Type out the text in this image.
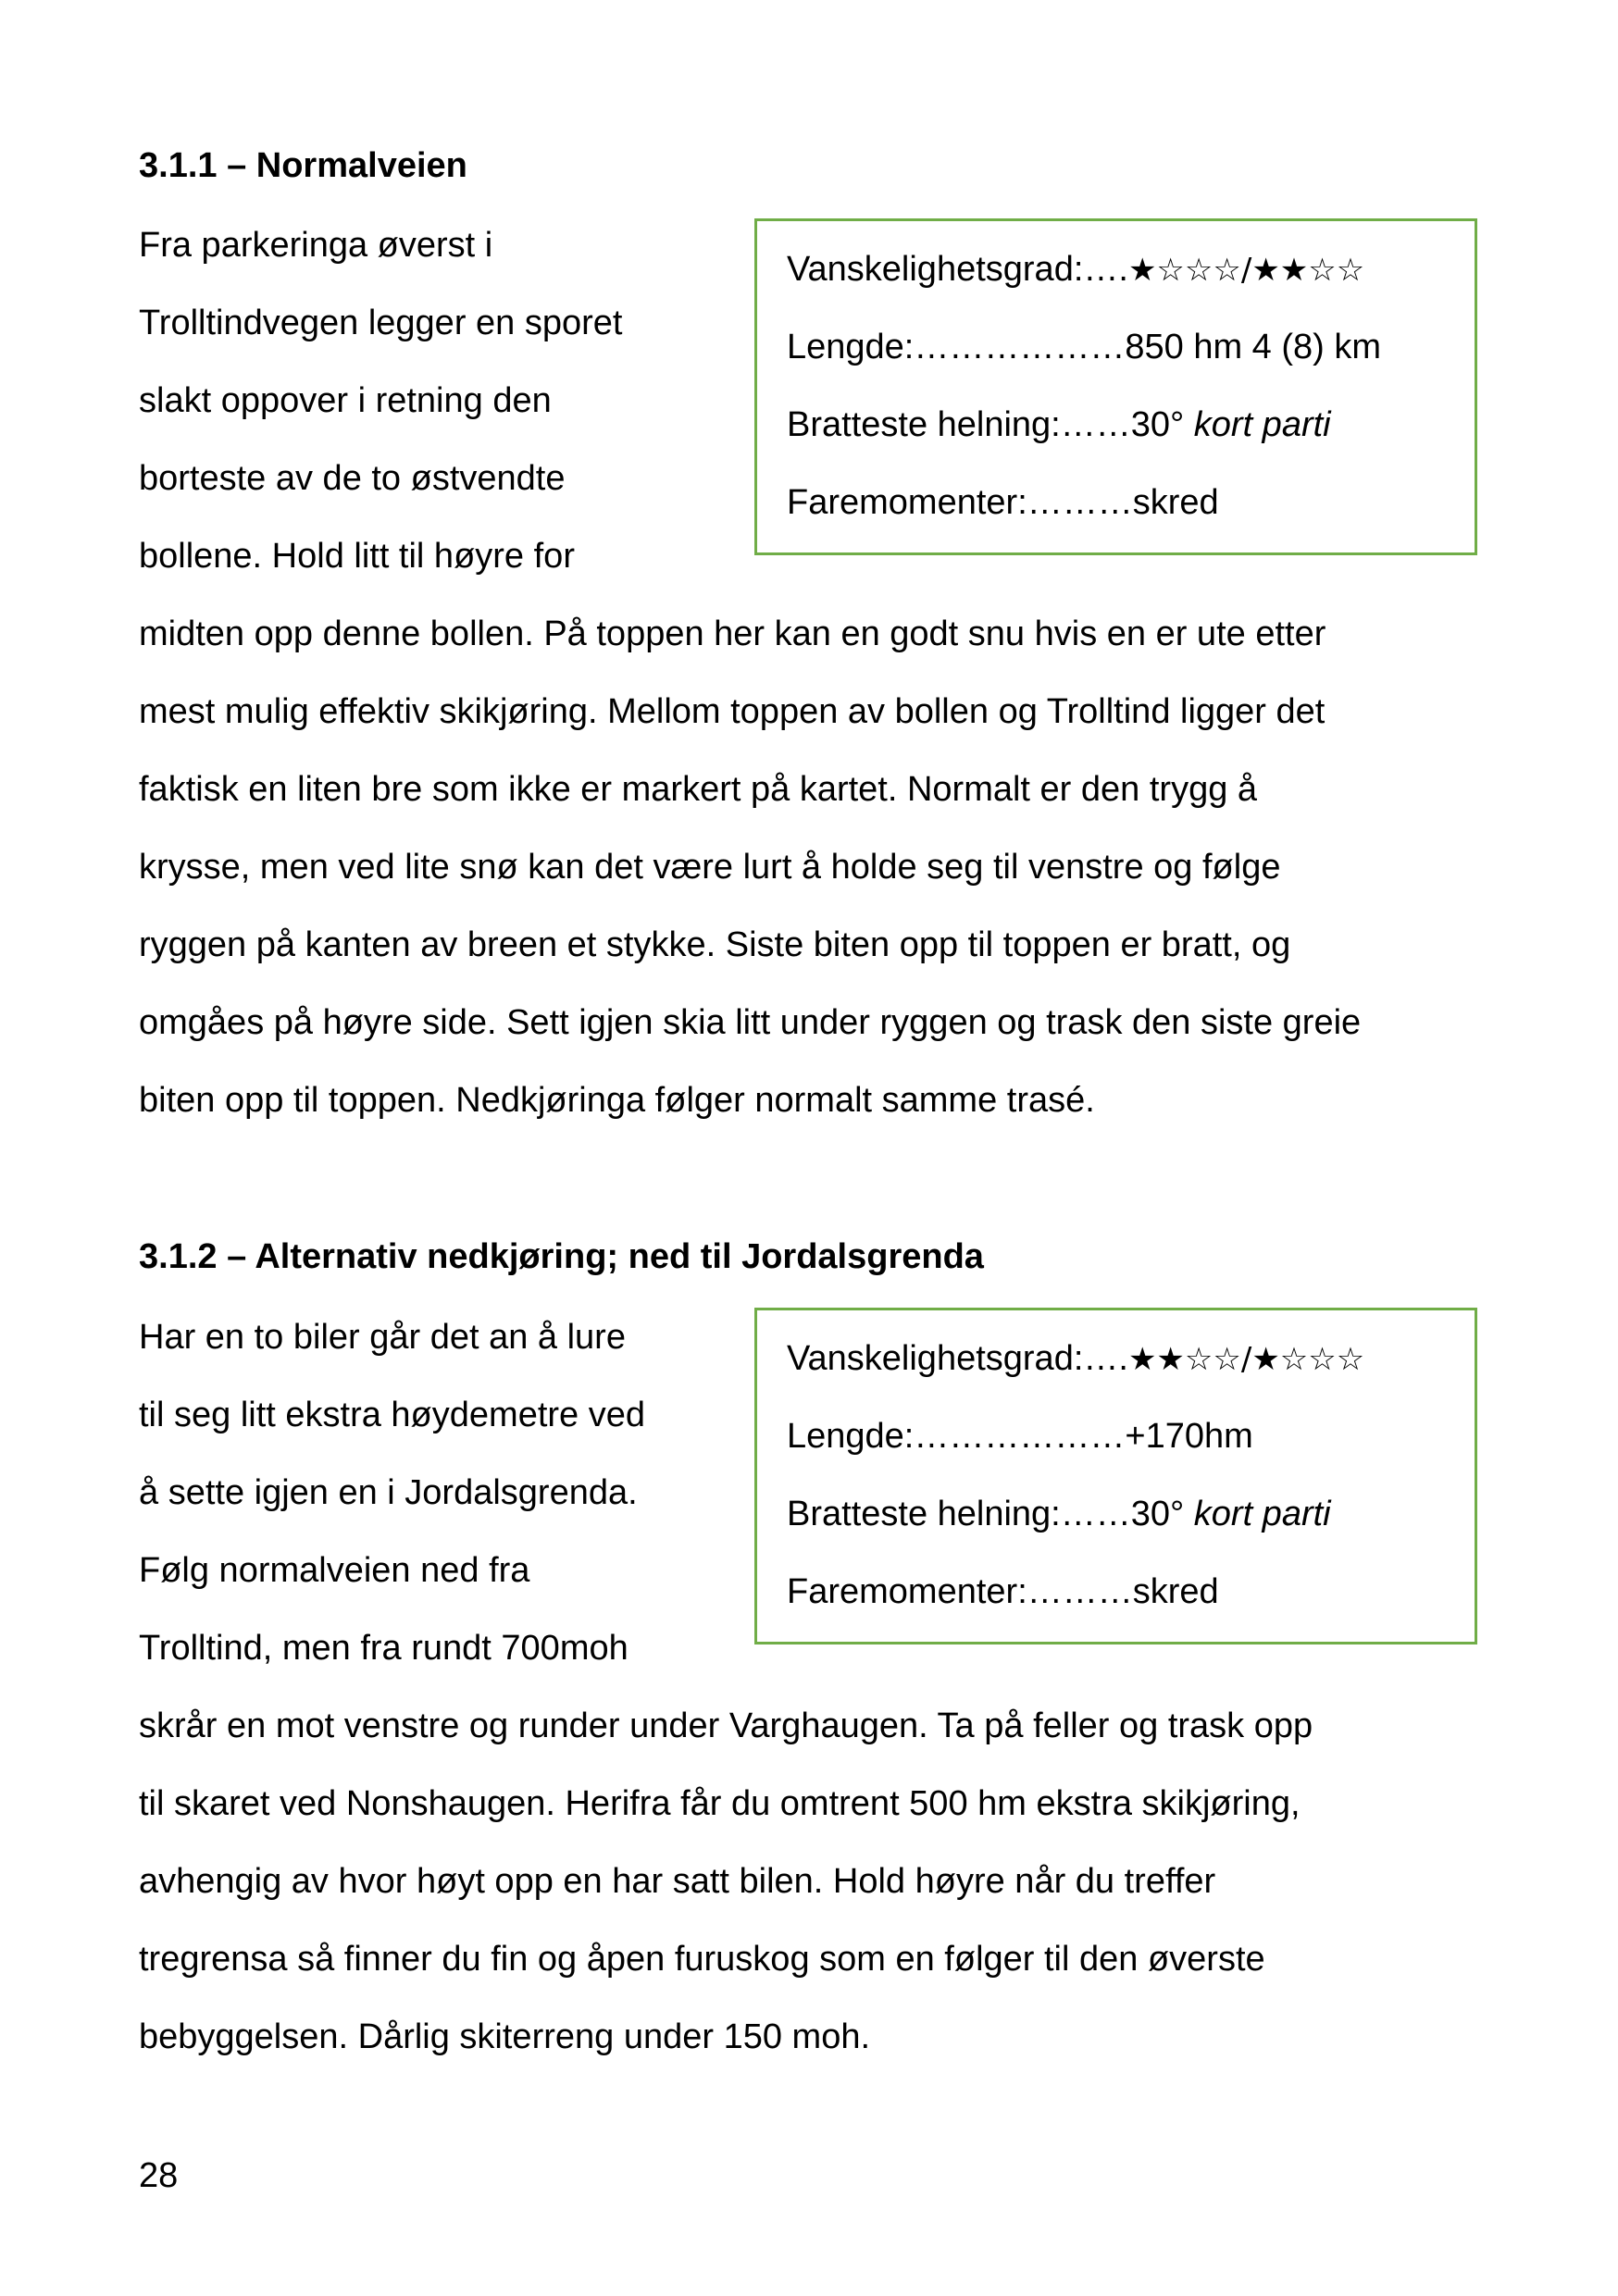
3.1.1 – Normalveien
Fra parkeringa øverst i
Trolltindvegen legger en sporet
slakt oppover i retning den
borteste av de to østvendte
bollene. Hold litt til høyre for
Vanskelighetsgrad:….★☆☆☆/★★☆☆
Lengde:………………850 hm 4 (8) km
Bratteste helning:……30° kort parti
Faremomenter:………skred
midten opp denne bollen. På toppen her kan en godt snu hvis en er ute etter
mest mulig effektiv skikjøring. Mellom toppen av bollen og Trolltind ligger det
faktisk en liten bre som ikke er markert på kartet. Normalt er den trygg å
krysse, men ved lite snø kan det være lurt å holde seg til venstre og følge
ryggen på kanten av breen et stykke. Siste biten opp til toppen er bratt, og
omgåes på høyre side. Sett igjen skia litt under ryggen og trask den siste greie
biten opp til toppen. Nedkjøringa følger normalt samme trasé.
3.1.2 – Alternativ nedkjøring; ned til Jordalsgrenda
Har en to biler går det an å lure
til seg litt ekstra høydemetre ved
å sette igjen en i Jordalsgrenda.
Følg normalveien ned fra
Trolltind, men fra rundt 700moh
Vanskelighetsgrad:….★★☆☆/★☆☆☆
Lengde:………………+170hm
Bratteste helning:……30° kort parti
Faremomenter:………skred
skrår en mot venstre og runder under Varghaugen. Ta på feller og trask opp
til skaret ved Nonshaugen. Herifra får du omtrent 500 hm ekstra skikjøring,
avhengig av hvor høyt opp en har satt bilen. Hold høyre når du treffer
tregrensa så finner du fin og åpen furuskog som en følger til den øverste
bebyggelsen. Dårlig skiterreng under 150 moh.

28
